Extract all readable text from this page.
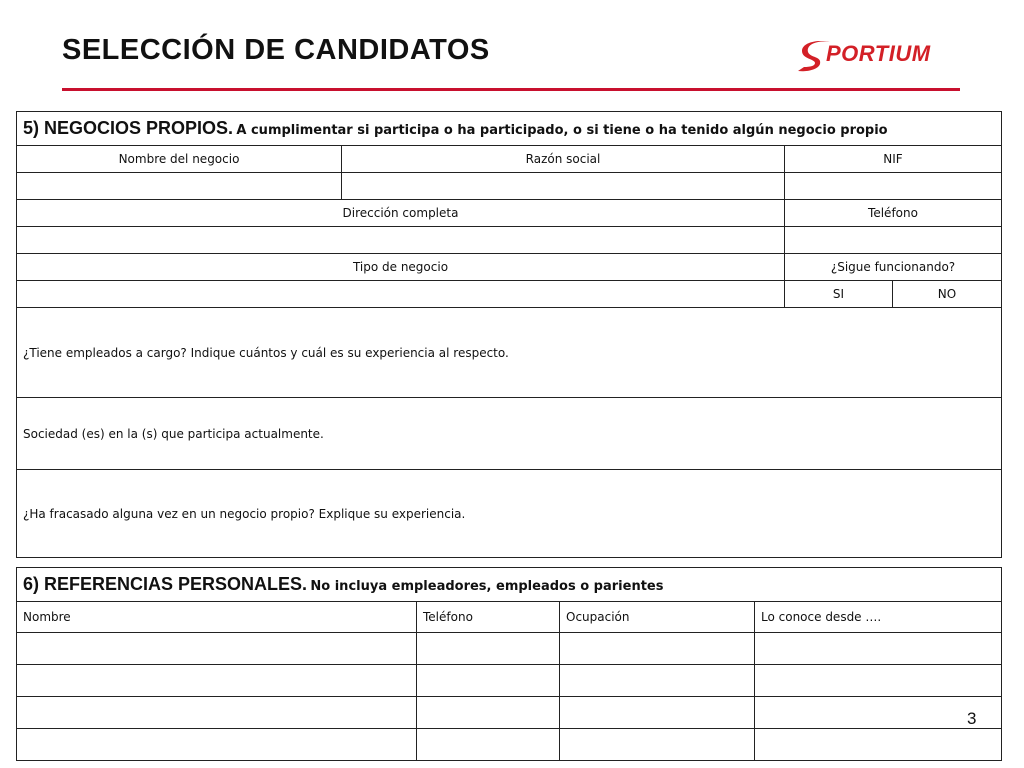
SELECCIÓN DE CANDIDATOS	PORTIUM
5) NEGOCIOS PROPIOS. A cumplimentar si participa o ha participado, o si tiene o ha tenido algún negocio propio			
Nombre del negocio	Razón social	NIF	

Dirección completa		Teléfono	

Tipo de negocio		¿Sigue funcionando?	
		SI	NO
¿Tiene empleados a cargo? Indique cuántos y cuál es su experiencia al respecto.			
Sociedad (es) en la (s) que participa actualmente.			
¿Ha fracasado alguna vez en un negocio propio? Explique su experiencia.			
6) REFERENCIAS PERSONALES. No incluya empleadores, empleados o parientes			
Nombre	Teléfono	Ocupación	Lo conoce desde ….

3
